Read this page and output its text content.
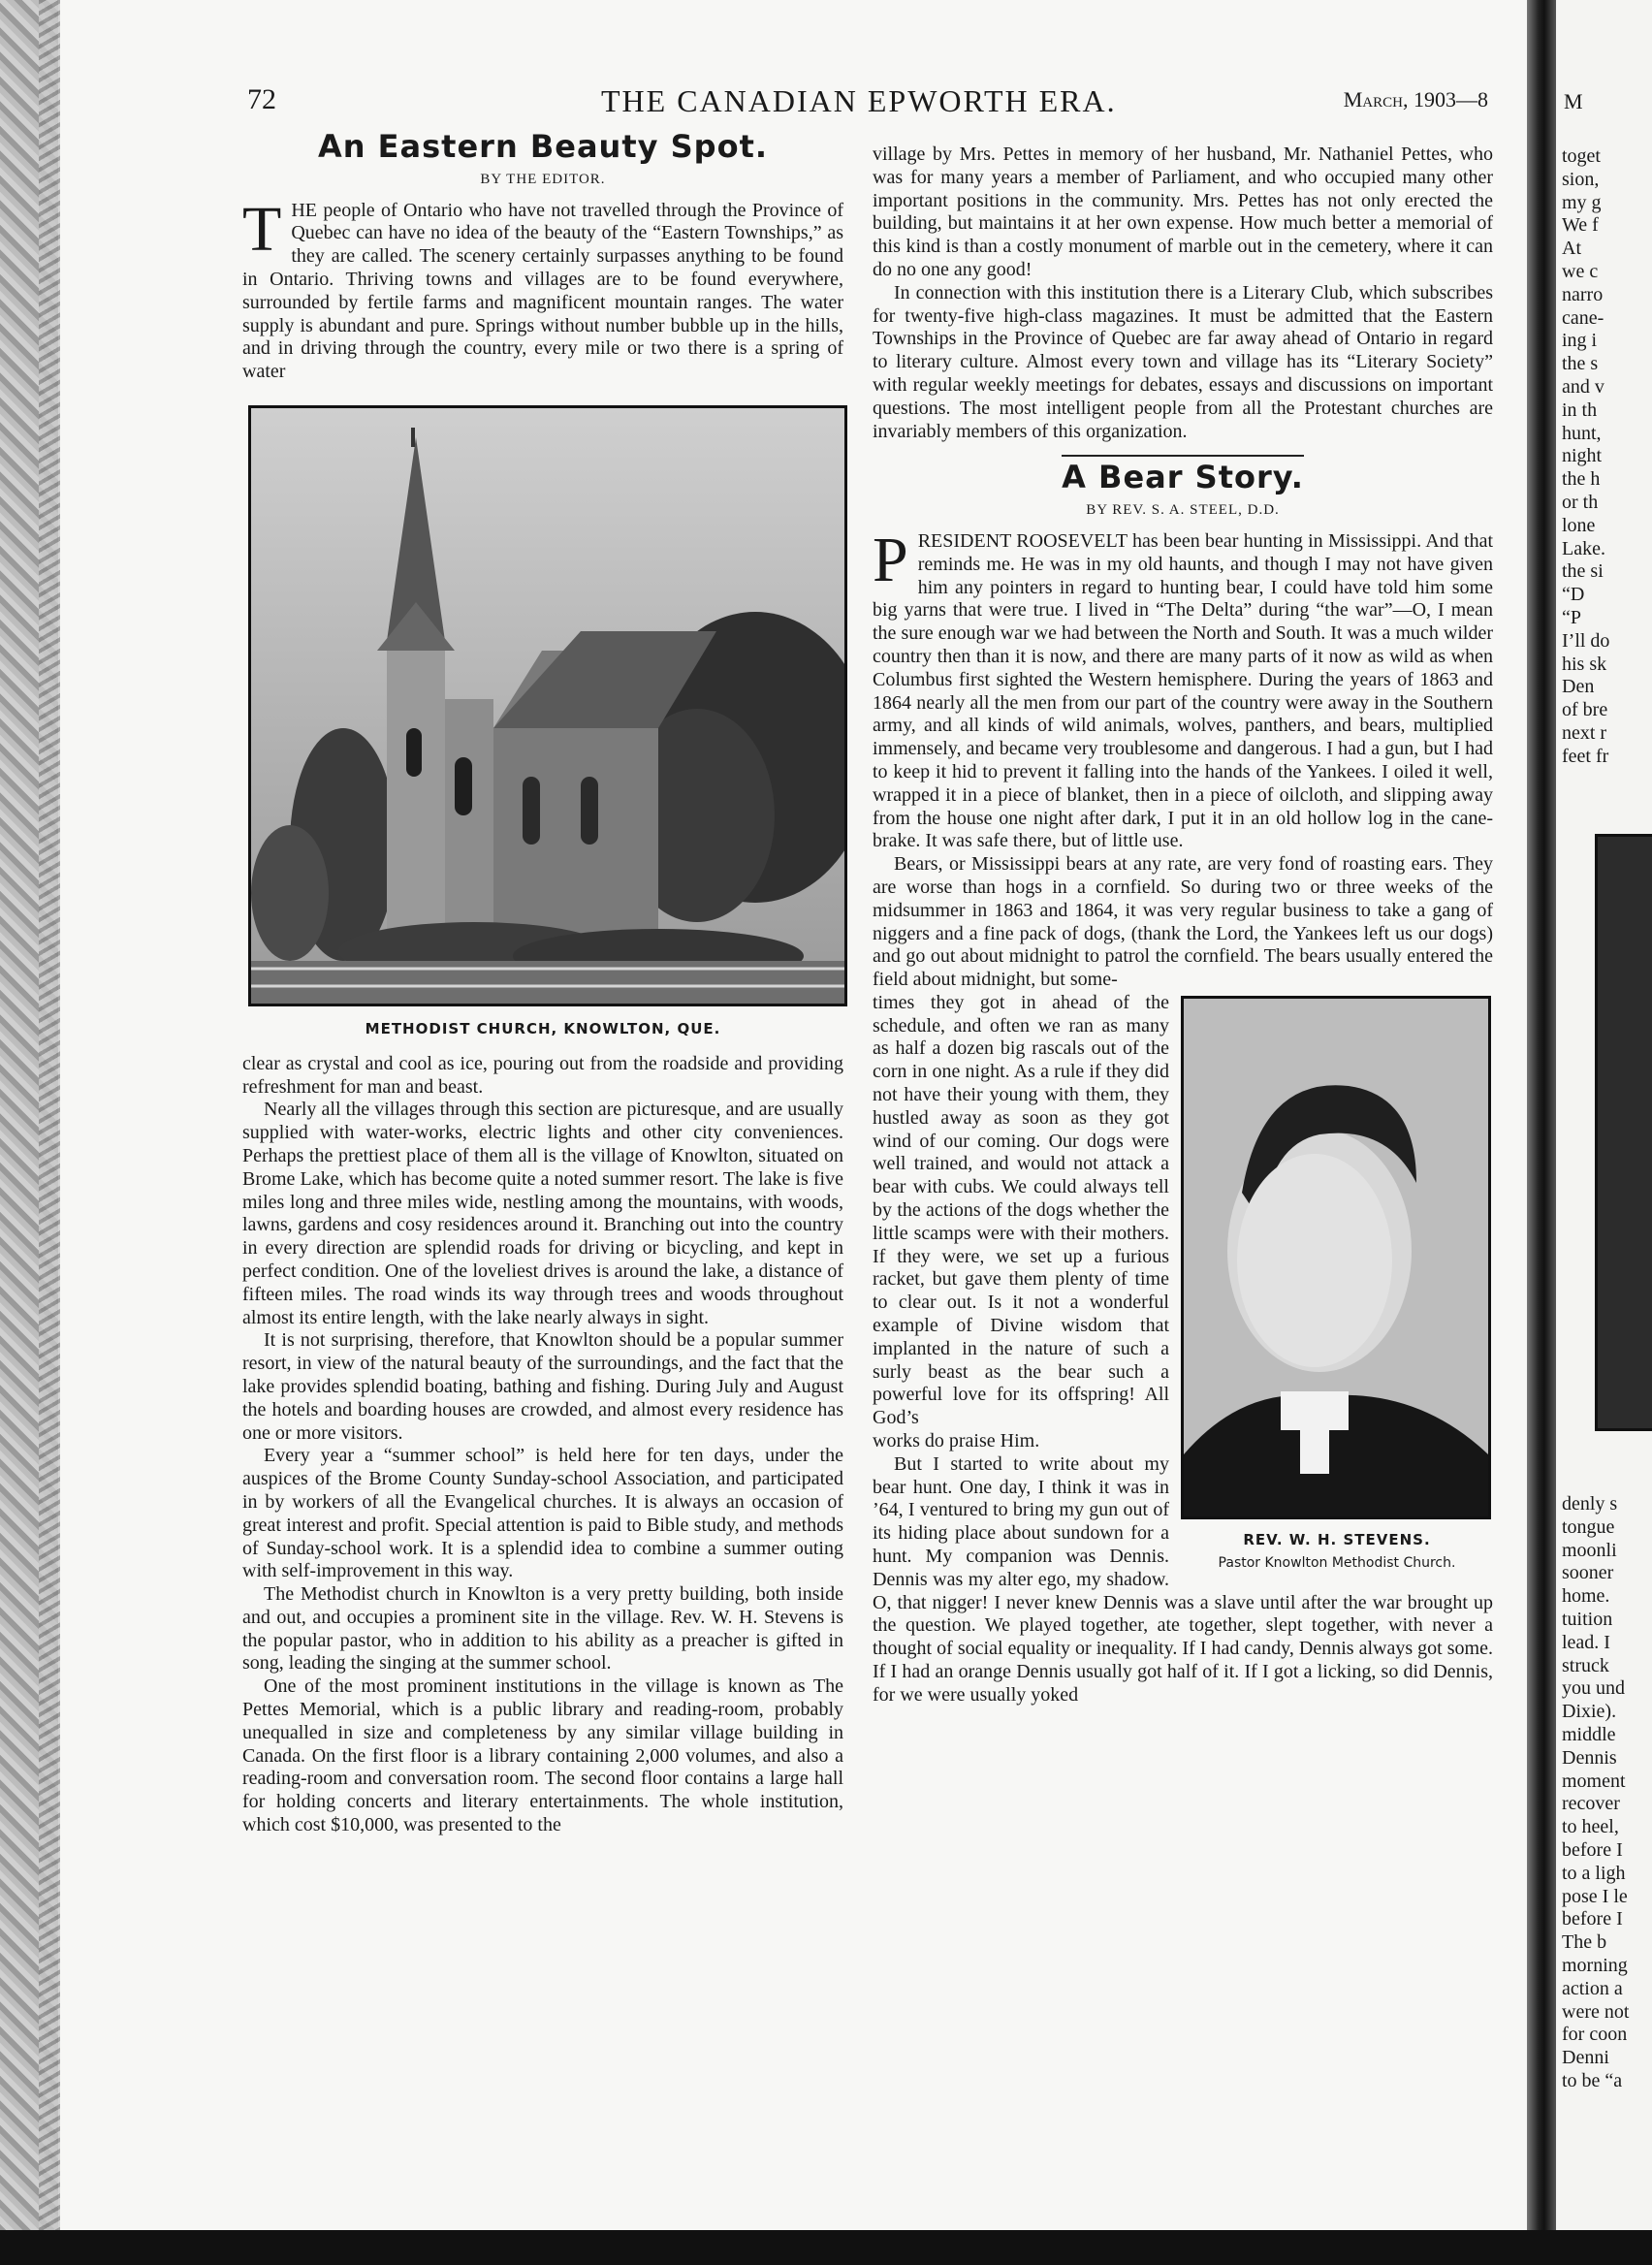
72	THE CANADIAN EPWORTH ERA.	March, 1903—8
An Eastern Beauty Spot.
BY THE EDITOR.
T HE people of Ontario who have not travelled through the Province of Quebec can have no idea of the beauty of the “Eastern Townships,” as they are called. The scenery certainly surpasses anything to be found in Ontario. Thriving towns and villages are to be found everywhere, surrounded by fertile farms and magnificent mountain ranges. The water supply is abundant and pure. Springs without number bubble up in the hills, and in driving through the country, every mile or two there is a spring of water
METHODIST CHURCH, KNOWLTON, QUE.

clear as crystal and cool as ice, pouring out from the roadside and providing refreshment for man and beast.

Nearly all the villages through this section are picturesque, and are usually supplied with water-works, electric lights and other city conveniences. Perhaps the prettiest place of them all is the village of Knowlton, situated on Brome Lake, which has become quite a noted summer resort. The lake is five miles long and three miles wide, nestling among the mountains, with woods, lawns, gardens and cosy residences around it. Branching out into the country in every direction are splendid roads for driving or bicycling, and kept in perfect condition. One of the loveliest drives is around the lake, a distance of fifteen miles. The road winds its way through trees and woods throughout almost its entire length, with the lake nearly always in sight.

It is not surprising, therefore, that Knowlton should be a popular summer resort, in view of the natural beauty of the surroundings, and the fact that the lake provides splendid boating, bathing and fishing. During July and August the hotels and boarding houses are crowded, and almost every residence has one or more visitors.

Every year a “summer school” is held here for ten days, under the auspices of the Brome County Sunday-school Association, and participated in by workers of all the Evangelical churches. It is always an occasion of great interest and profit. Special attention is paid to Bible study, and methods of Sunday-school work. It is a splendid idea to combine a summer outing with self-improvement in this way.

The Methodist church in Knowlton is a very pretty building, both inside and out, and occupies a prominent site in the village. Rev. W. H. Stevens is the popular pastor, who in addition to his ability as a preacher is gifted in song, leading the singing at the summer school.

One of the most prominent institutions in the village is known as The Pettes Memorial, which is a public library and reading-room, probably unequalled in size and completeness by any similar village building in Canada. On the first floor is a library containing 2,000 volumes, and also a reading-room and conversation room. The second floor contains a large hall for holding concerts and literary entertainments. The whole institution, which cost $10,000, was presented to the

village by Mrs. Pettes in memory of her husband, Mr. Nathaniel Pettes, who was for many years a member of Parliament, and who occupied many other important positions in the community. Mrs. Pettes has not only erected the building, but maintains it at her own expense. How much better a memorial of this kind is than a costly monument of marble out in the cemetery, where it can do no one any good!

In connection with this institution there is a Literary Club, which subscribes for twenty-five high-class magazines. It must be admitted that the Eastern Townships in the Province of Quebec are far away ahead of Ontario in regard to literary culture. Almost every town and village has its “Literary Society” with regular weekly meetings for debates, essays and discussions on important questions. The most intelligent people from all the Protestant churches are invariably members of this organization.

A Bear Story.
BY REV. S. A. STEEL, D.D.
P RESIDENT ROOSEVELT has been bear hunting in Mississippi. And that reminds me. He was in my old haunts, and though I may not have given him any pointers in regard to hunting bear, I could have told him some big yarns that were true. I lived in “The Delta” during “the war”—O, I mean the sure enough war we had between the North and South. It was a much wilder country then than it is now, and there are many parts of it now as wild as when Columbus first sighted the Western hemisphere. During the years of 1863 and 1864 nearly all the men from our part of the country were away in the Southern army, and all kinds of wild animals, wolves, panthers, and bears, multiplied immensely, and became very troublesome and dangerous. I had a gun, but I had to keep it hid to prevent it falling into the hands of the Yankees. I oiled it well, wrapped it in a piece of blanket, then in a piece of oilcloth, and slipping away from the house one night after dark, I put it in an old hollow log in the cane-brake. It was safe there, but of little use.

Bears, or Mississippi bears at any rate, are very fond of roasting ears. They are worse than hogs in a cornfield. So during two or three weeks of the midsummer in 1863 and 1864, it was very regular business to take a gang of niggers and a fine pack of dogs, (thank the Lord, the Yankees left us our dogs) and go out about midnight to patrol the cornfield. The bears usually entered the field about midnight, but some-

REV. W. H. STEVENS.
Pastor Knowlton Methodist Church.

times they got in ahead of the schedule, and often we ran as many as half a dozen big rascals out of the corn in one night. As a rule if they did not have their young with them, they hustled away as soon as they got wind of our coming. Our dogs were well trained, and would not attack a bear with cubs. We could always tell by the actions of the dogs whether the little scamps were with their mothers. If they were, we set up a furious racket, but gave them plenty of time to clear out. Is it not a wonderful example of Divine wisdom that implanted in the nature of such a surly beast as the bear such a powerful love for its offspring! All God’s

works do praise Him.

But I started to write about my bear hunt. One day, I think it was in ’64, I ventured to bring my gun out of its hiding place about sundown for a hunt. My companion was Dennis. Dennis was my alter ego, my shadow. O, that nigger! I never knew Dennis was a slave until after the war brought up the question. We played together, ate together, slept together, with never a thought of social equality or inequality. If I had candy, Dennis always got some. If I had an orange Dennis usually got half of it. If I got a licking, so did Dennis, for we were usually yoked

M
toget
sion,
my g
We f
At
we c
narro
cane-
ing i
the s
and v
in th
hunt,
night
the h
or th
lone
Lake.
the si
“D
“P
I’ll do
his sk
Den
of bre
next r
feet fr
denly s
tongue
moonli
sooner
home.
tuition
lead. I
struck
you und
Dixie).
middle
Dennis
moment
recover
to heel,
before I
to a ligh
pose I le
before I
The b
morning
action a
were not
for coon
Denni
to be “a
